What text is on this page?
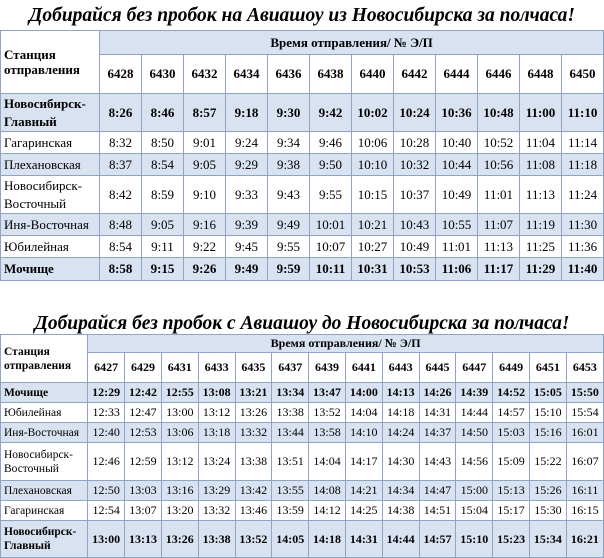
Добирайся без пробок на Авиашоу из Новосибирска за полчаса!
Станция отправления	Время отправления/ № Э/П											
	6428	6430	6432	6434	6436	6438	6440	6442	6444	6446	6448	6450
Новосибирск-Главный	8:26	8:46	8:57	9:18	9:30	9:42	10:02	10:24	10:36	10:48	11:00	11:10
Гагаринская	8:32	8:50	9:01	9:24	9:34	9:46	10:06	10:28	10:40	10:52	11:04	11:14
Плехановская	8:37	8:54	9:05	9:29	9:38	9:50	10:10	10:32	10:44	10:56	11:08	11:18
Новосибирск-Восточный	8:42	8:59	9:10	9:33	9:43	9:55	10:15	10:37	10:49	11:01	11:13	11:24
Иня-Восточная	8:48	9:05	9:16	9:39	9:49	10:01	10:21	10:43	10:55	11:07	11:19	11:30
Юбилейная	8:54	9:11	9:22	9:45	9:55	10:07	10:27	10:49	11:01	11:13	11:25	11:36
Мочище	8:58	9:15	9:26	9:49	9:59	10:11	10:31	10:53	11:06	11:17	11:29	11:40
Добирайся без пробок с Авиашоу до Новосибирска за полчаса!
Станция отправления	Время отправления/ № Э/П													
	6427	6429	6431	6433	6435	6437	6439	6441	6443	6445	6447	6449	6451	6453
Мочище	12:29	12:42	12:55	13:08	13:21	13:34	13:47	14:00	14:13	14:26	14:39	14:52	15:05	15:50
Юбилейная	12:33	12:47	13:00	13:12	13:26	13:38	13:52	14:04	14:18	14:31	14:44	14:57	15:10	15:54
Иня-Восточная	12:40	12:53	13:06	13:18	13:32	13:44	13:58	14:10	14:24	14:37	14:50	15:03	15:16	16:01
Новосибирск-Восточный	12:46	12:59	13:12	13:24	13:38	13:51	14:04	14:17	14:30	14:43	14:56	15:09	15:22	16:07
Плехановская	12:50	13:03	13:16	13:29	13:42	13:55	14:08	14:21	14:34	14:47	15:00	15:13	15:26	16:11
Гагаринская	12:54	13:07	13:20	13:32	13:46	13:59	14:12	14:25	14:38	14:51	15:04	15:17	15:30	16:15
Новосибирск-Главный	13:00	13:13	13:26	13:38	13:52	14:05	14:18	14:31	14:44	14:57	15:10	15:23	15:34	16:21
